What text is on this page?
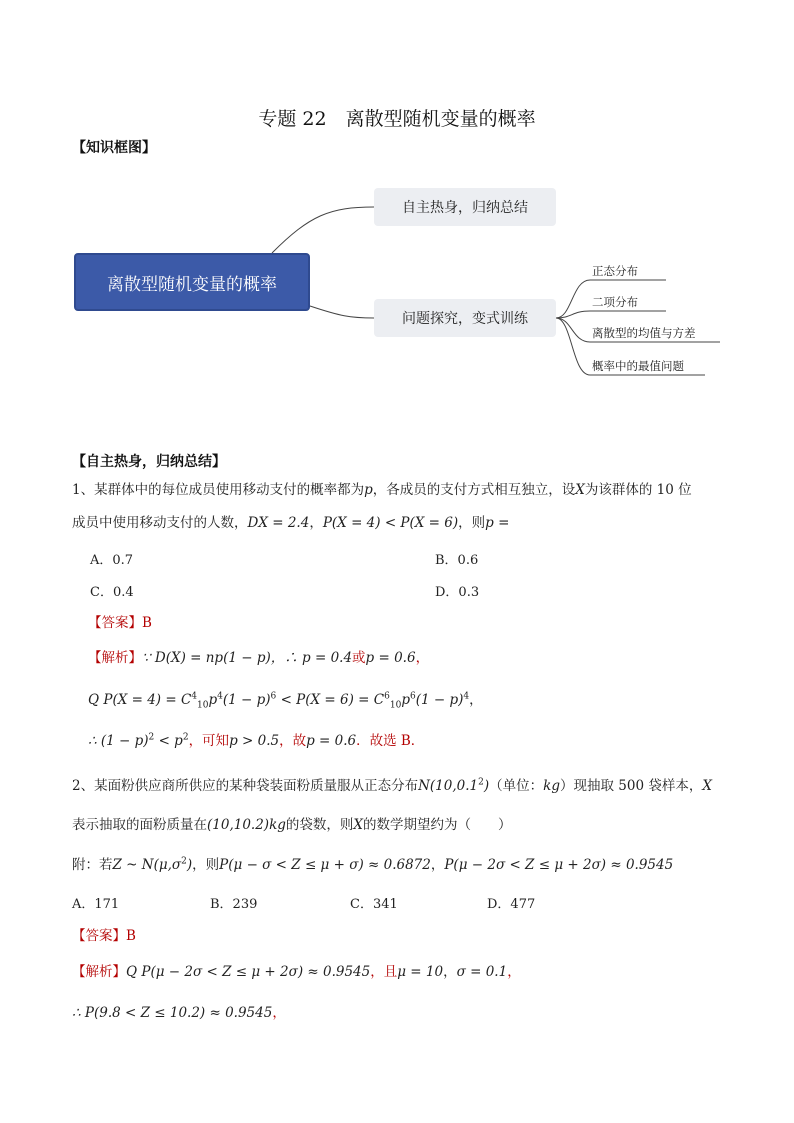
专题 22　离散型随机变量的概率
【知识框图】
离散型随机变量的概率
自主热身，归纳总结
问题探究，变式训练
正态分布
二项分布
离散型的均值与方差
概率中的最值问题
【自主热身，归纳总结】
1、某群体中的每位成员使用移动支付的概率都为p，各成员的支付方式相互独立，设X为该群体的 10 位
成员中使用移动支付的人数，DX = 2.4，P(X = 4) < P(X = 6)，则p =
A．0.7	B．0.6
C．0.4	D．0.3
【答案】B
【解析】∵ D(X) = np(1 − p)，∴ p = 0.4或p = 0.6，
Q $P(X = 4) = C^4_{10}p^4(1 - p)^6 < P(X = 6) = C^6_{10}p^6(1 - p)^4$，
∴ $(1 - p)^2 < p^2$，可知p > 0.5，故p = 0.6．故选 B．
2、某面粉供应商所供应的某种袋装面粉质量服从正态分布N(10,0.1$^2$)（单位：kg）现抽取 500 袋样本，X
表示抽取的面粉质量在(10,10.2)kg的袋数，则X的数学期望约为（　　）
附：若Z ~ $N(\mu,\sigma^2)$，则P(μ − σ < Z ≤ μ + σ) ≈ 0.6872，P(μ − 2σ < Z ≤ μ + 2σ) ≈ 0.9545
A．171	B．239	C．341	D．477
【答案】B
【解析】Q P(μ − 2σ < Z ≤ μ + 2σ) ≈ 0.9545，且μ = 10，σ = 0.1，
∴ P(9.8 < Z ≤ 10.2) ≈ 0.9545，
